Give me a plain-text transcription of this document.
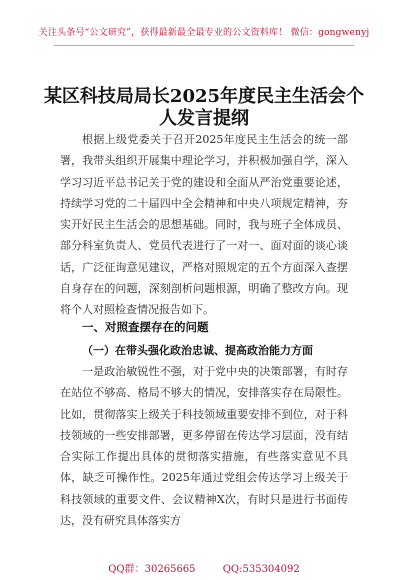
关注头条号“公文研究”，获得最新最全最专业的公文资料库！ 微信：gongwenyj
某区科技局局长2025年度民主生活会个
人发言提纲

根据上级党委关于召开2025年度民主生活会的统一部署，我带头组织开展集中理论学习，并积极加强自学，深入学习习近平总书记关于党的建设和全面从严治党重要论述，持续学习党的二十届四中全会精神和中央八项规定精神，夯实开好民主生活会的思想基础。同时，我与班子全体成员、部分科室负责人、党员代表进行了一对一、面对面的谈心谈话，广泛征询意见建议，严格对照规定的五个方面深入查摆自身存在的问题，深刻剖析问题根源，明确了整改方向。现将个人对照检查情况报告如下。

一、对照查摆存在的问题
（一）在带头强化政治忠诚、提高政治能力方面

一是政治敏锐性不强，对于党中央的决策部署，有时存在站位不够高、格局不够大的情况，安排落实存在局限性。比如，贯彻落实上级关于科技领域重要安排不到位，对于科技领域的一些安排部署，更多停留在传达学习层面，没有结合实际工作提出具体的贯彻落实措施，有些落实意见不具体，缺乏可操作性。2025年通过党组会传达学习上级关于科技领域的重要文件、会议精神X次，有时只是进行书面传达，没有研究具体落实方

QQ群：30265665	QQ:535304092
